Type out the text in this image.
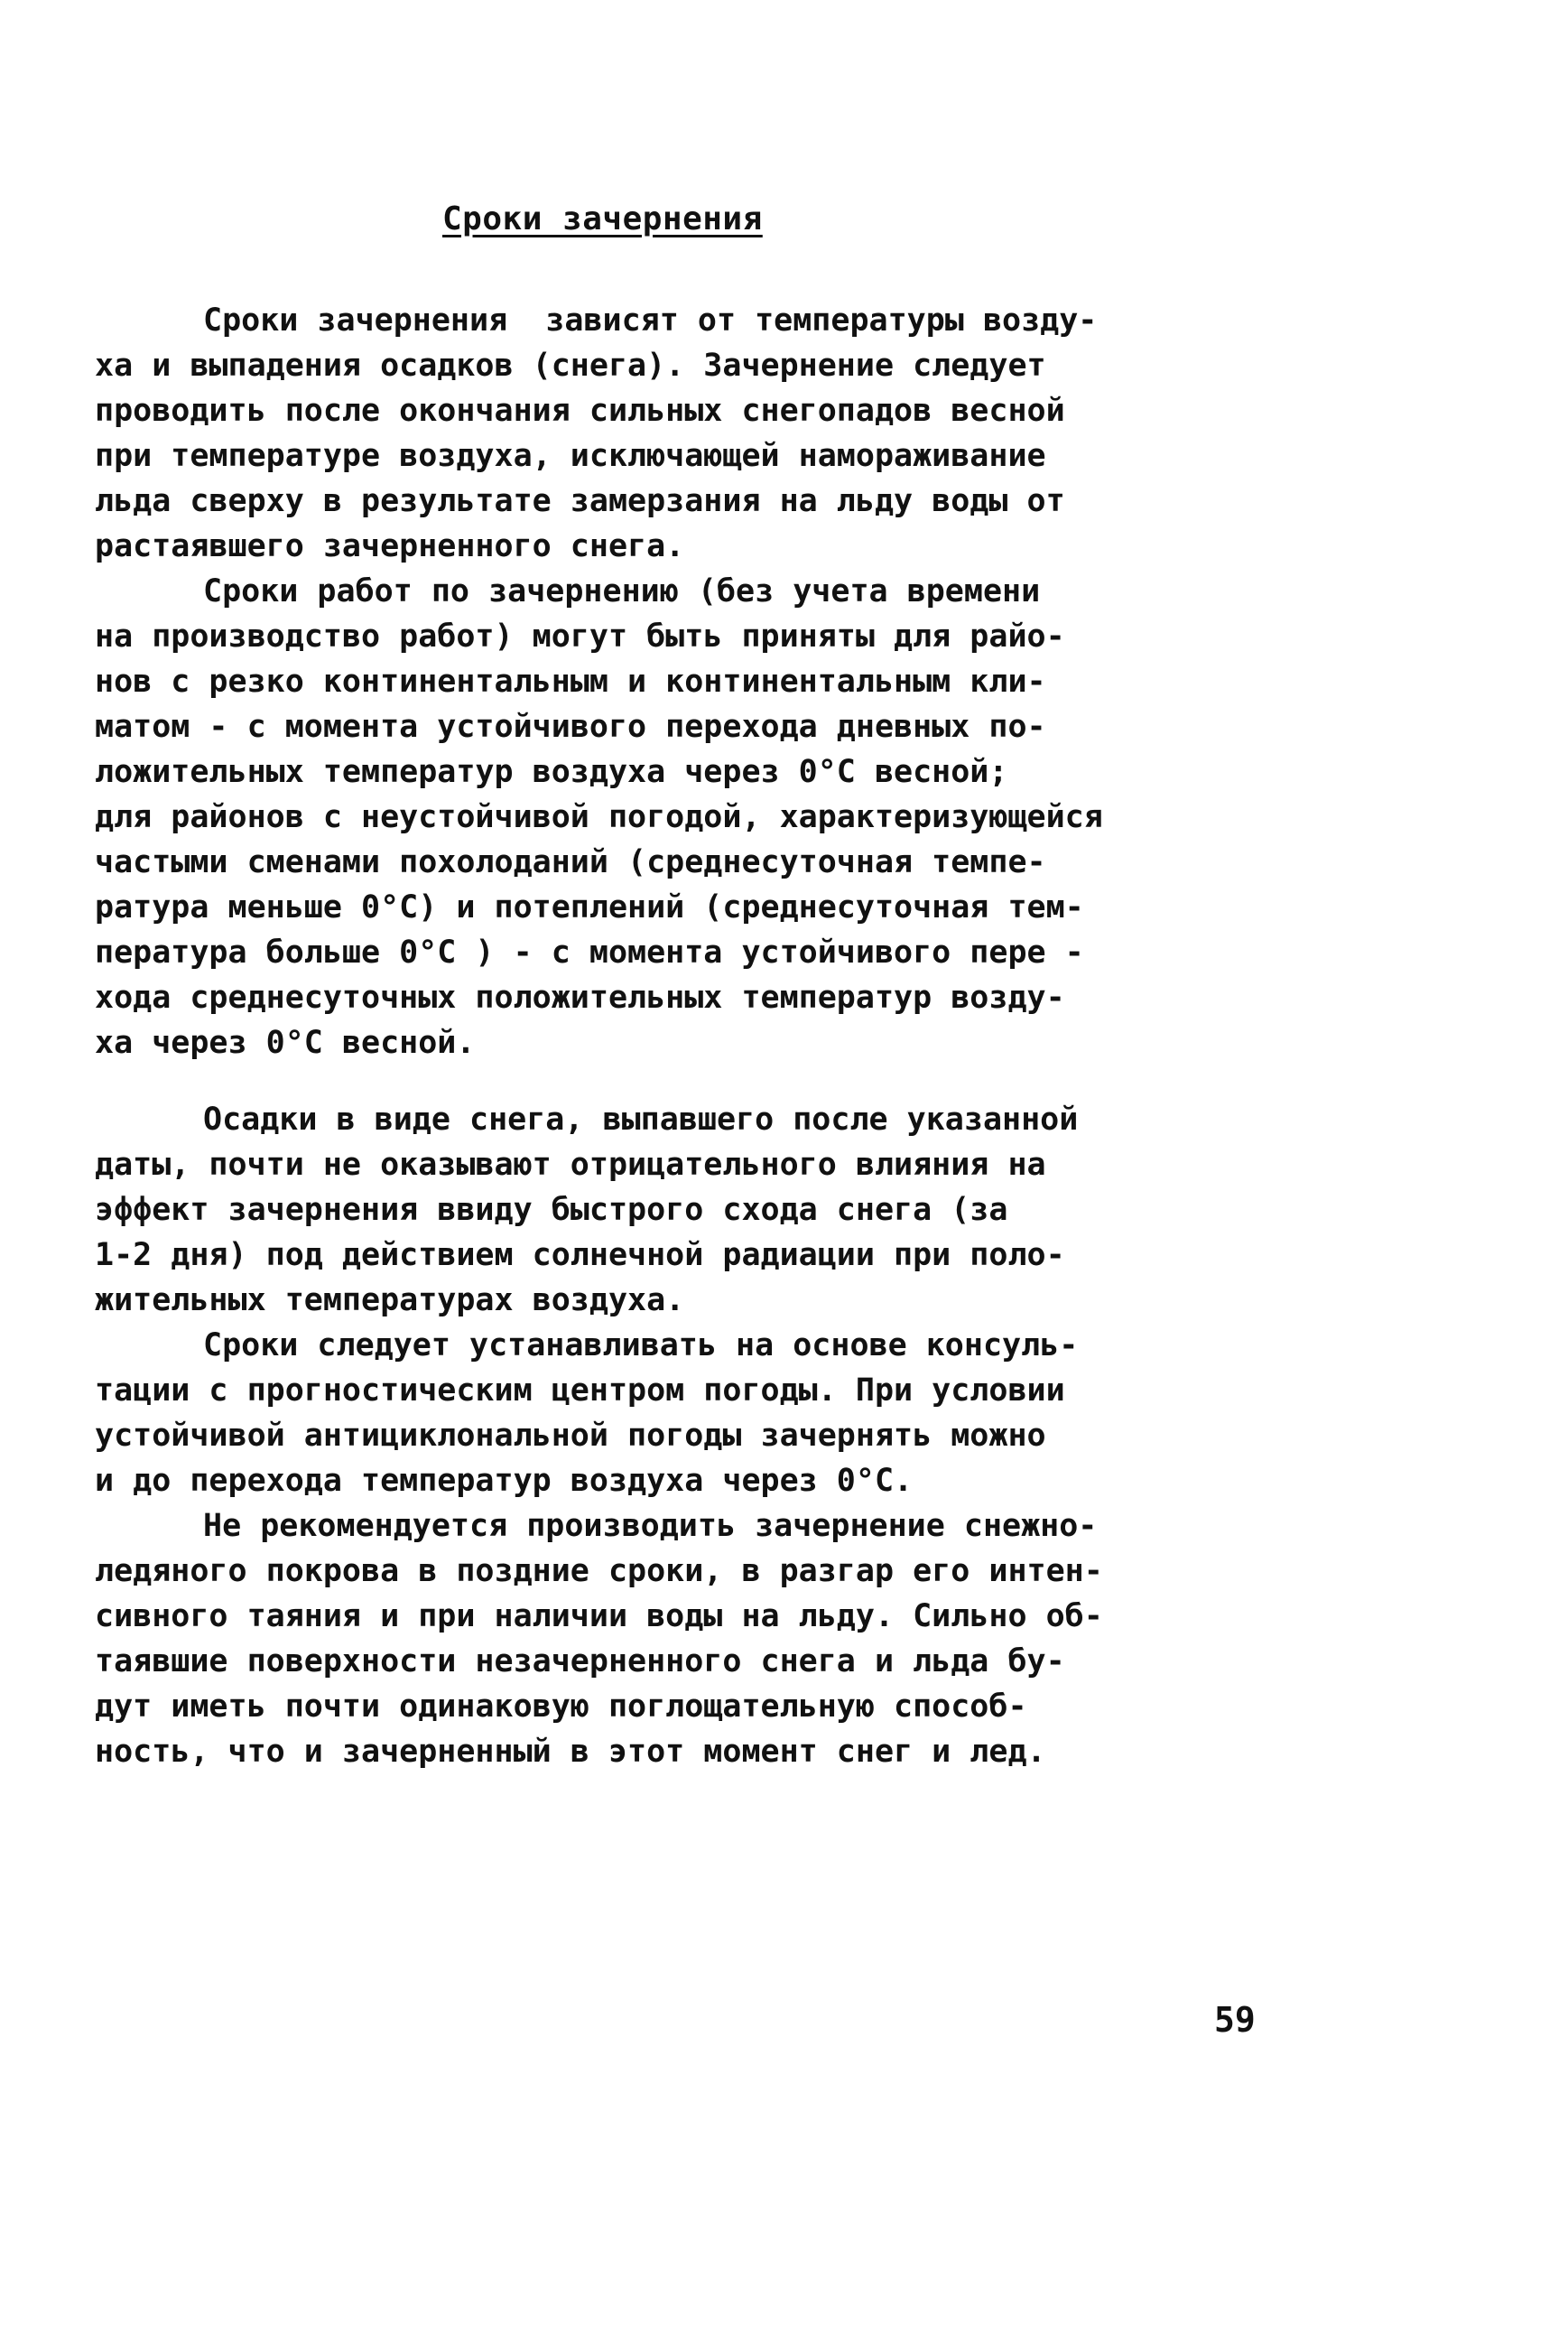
Сроки зачернения
Сроки зачернения  зависят от температуры возду-
ха и выпадения осадков (снега). Зачернение следует
проводить после окончания сильных снегопадов весной
при температуре воздуха, исключающей намораживание
льда сверху в результате замерзания на льду воды от
растаявшего зачерненного снега.
Сроки работ по зачернению (без учета времени
на производство работ) могут быть приняты для райо-
нов с резко континентальным и континентальным кли-
матом - с момента устойчивого перехода дневных по-
ложительных температур воздуха через 0°С весной;
для районов с неустойчивой погодой, характеризующейся
частыми сменами похолоданий (среднесуточная темпе-
ратура меньше 0°С) и потеплений (среднесуточная тем-
пература больше 0°С ) - с момента устойчивого пере -
хода среднесуточных положительных температур возду-
ха через 0°С весной.
Осадки в виде снега, выпавшего после указанной
даты, почти не оказывают отрицательного влияния на
эффект зачернения ввиду быстрого схода снега (за
1-2 дня) под действием солнечной радиации при поло-
жительных температурах воздуха.
Сроки следует устанавливать на основе консуль-
тации с прогностическим центром погоды. При условии
устойчивой антициклональной погоды зачернять можно
и до перехода температур воздуха через 0°С.
Не рекомендуется производить зачернение снежно-
ледяного покрова в поздние сроки, в разгар его интен-
сивного таяния и при наличии воды на льду. Сильно об-
таявшие поверхности незачерненного снега и льда бу-
дут иметь почти одинаковую поглощательную способ-
ность, что и зачерненный в этот момент снег и лед.
59
